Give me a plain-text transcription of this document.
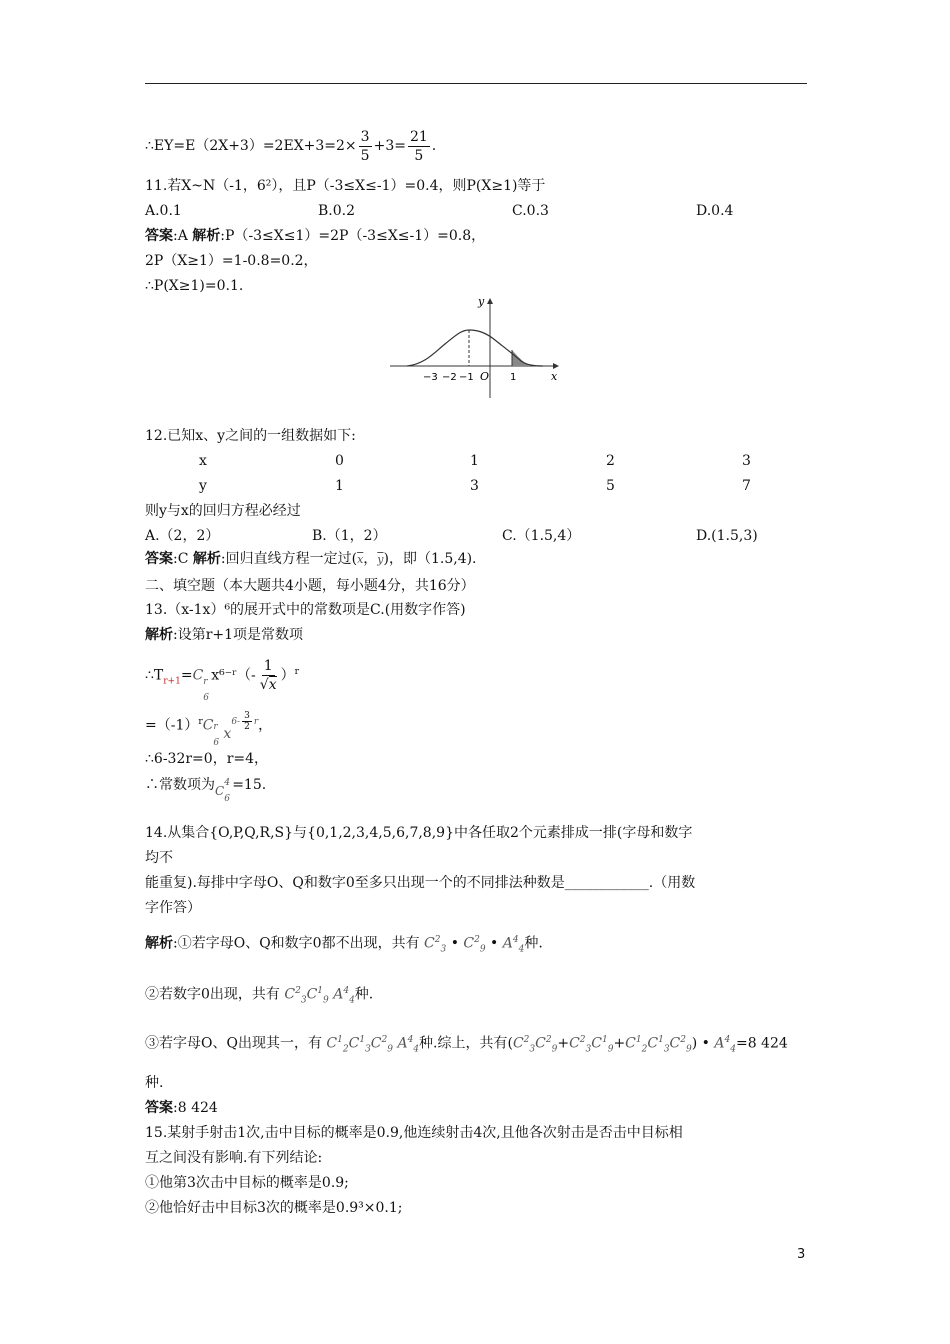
∴EY=E（2X+3）=2EX+3=2× $\frac{3}{5} +3= \frac{21}{5}$ .
11.若X~N（-1，6²），且P（-3≤X≤-1）=0.4，则P(X≥1)等于
A.0.1	B.0.2	C.0.3	D.0.4
答案:A 解析:P（-3≤X≤1）=2P（-3≤X≤-1）=0.8，
2P（X≥1）=1-0.8=0.2，
∴P(X≥1)=0.1.
y
x
−3 −2 −1 O 1
12.已知x、y之间的一组数据如下:
x	0	1	2	3
y	1	3	5	7
则y与x的回归方程必经过
A.（2，2）	B.（1，2）	C.（1.5,4）	D.(1.5,3)
答案:C 解析:回归直线方程一定过($\overline{x}$，$\overline{y}$)，即（1.5,4).
二、填空题（本大题共4小题，每小题4分，共16分）
13.（x-1x）⁶的展开式中的常数项是C.(用数字作答)
解析:设第r+1项是常数项
$\therefore T_{r+1}=C$ r
6
x⁶⁻ʳ（- $\frac{1}{√x} )^r$
$=(-1)^rC$ r
6
$x^{6-} \frac{3}{2} ^r$，
∴6-32r=0，r=4，
∴常数项为C
4
6
=15.
14.从集合{O,P,Q,R,S}与{0,1,2,3,4,5,6,7,8,9}中各任取2个元素排成一排(字母和数字
均不
能重复).每排中字母O、Q和数字0至多只出现一个的不同排法种数是____________.（用数
字作答）
解析:①若字母O、Q和数字0都不出现，共有 $C^2_3$ • $C^2_9$ • $A^4_4$种.
②若数字0出现，共有 $C^2_3C^1_9$ $A^4_4$种.
③若字母O、Q出现其一，有 $C^1_2C^1_3C^2_9$ $A^4_4$种.综上，共有$(C^2_3C^2_9+C^2_3C^1_9+C^1_2C^1_3C^2_9)$ • $A^4_4=8$ 424
种.
答案:8 424
15.某射手射击1次,击中目标的概率是0.9,他连续射击4次,且他各次射击是否击中目标相
互之间没有影响.有下列结论:
①他第3次击中目标的概率是0.9;
②他恰好击中目标3次的概率是0.9³×0.1;
3
